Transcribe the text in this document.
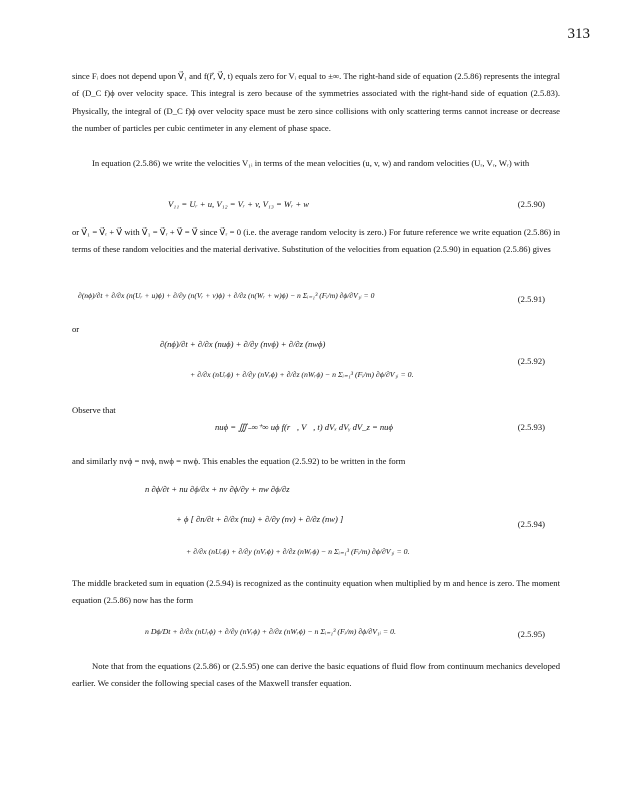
313
since Fᵢ does not depend upon V⃗₁ and f(r⃗, V⃗, t) equals zero for Vᵢ equal to ±∞. The right-hand side of equation (2.5.86) represents the integral of (D_C f)ϕ over velocity space. This integral is zero because of the symmetries associated with the right-hand side of equation (2.5.83). Physically, the integral of (D_C f)ϕ over velocity space must be zero since collisions with only scattering terms cannot increase or decrease the number of particles per cubic centimeter in any element of phase space.
In equation (2.5.86) we write the velocities V₁ᵢ in terms of the mean velocities (u, v, w) and random velocities (Uᵣ, Vᵣ, Wᵣ) with
V₁₁ = Uᵣ + u, V₁₂ = Vᵣ + v, V₁₃ = Wᵣ + w	(2.5.90)
or V⃗₁ = V⃗ᵣ + V⃗ with V⃗₁ = V⃗ᵣ + V⃗ = V⃗ since V⃗ᵣ = 0 (i.e. the average random velocity is zero.) For future reference we write equation (2.5.86) in terms of these random velocities and the material derivative. Substitution of the velocities from equation (2.5.90) in equation (2.5.86) gives
∂(nϕ)/∂t + ∂/∂x (n(Uᵣ + u)ϕ) + ∂/∂y (n(Vᵣ + v)ϕ) + ∂/∂z (n(Wᵣ + w)ϕ) − n Σᵢ₌₁³ (Fᵢ/m) ∂ϕ/∂V₁ᵢ = 0	(2.5.91)
or
∂(nϕ)/∂t + ∂/∂x (nuϕ) + ∂/∂y (nvϕ) + ∂/∂z (nwϕ)
+ ∂/∂x (nUᵣϕ) + ∂/∂y (nVᵣϕ) + ∂/∂z (nWᵣϕ) − n Σᵢ₌₁³ (Fᵢ/m) ∂ϕ/∂V₁ᵢ = 0.
(2.5.92)
Observe that
nuϕ = ∭₋∞⁺∞ uϕ f(r⃗, V⃗, t) dVₓ dVᵧ dV_z = nuϕ	(2.5.93)
and similarly nvϕ = nvϕ, nwϕ = nwϕ. This enables the equation (2.5.92) to be written in the form
n ∂ϕ/∂t + nu ∂ϕ/∂x + nv ∂ϕ/∂y + nw ∂ϕ/∂z
+ ϕ [ ∂n/∂t + ∂/∂x (nu) + ∂/∂y (nv) + ∂/∂z (nw) ]
+ ∂/∂x (nUᵣϕ) + ∂/∂y (nVᵣϕ) + ∂/∂z (nWᵣϕ) − n Σᵢ₌₁³ (Fᵢ/m) ∂ϕ/∂V₁ᵢ = 0.
(2.5.94)
The middle bracketed sum in equation (2.5.94) is recognized as the continuity equation when multiplied by m and hence is zero. The moment equation (2.5.86) now has the form
n Dϕ/Dt + ∂/∂x (nUᵣϕ) + ∂/∂y (nVᵣϕ) + ∂/∂z (nWᵣϕ) − n Σᵢ₌₁³ (Fᵢ/m) ∂ϕ/∂V₁ᵢ = 0.	(2.5.95)
Note that from the equations (2.5.86) or (2.5.95) one can derive the basic equations of fluid flow from continuum mechanics developed earlier. We consider the following special cases of the Maxwell transfer equation.
